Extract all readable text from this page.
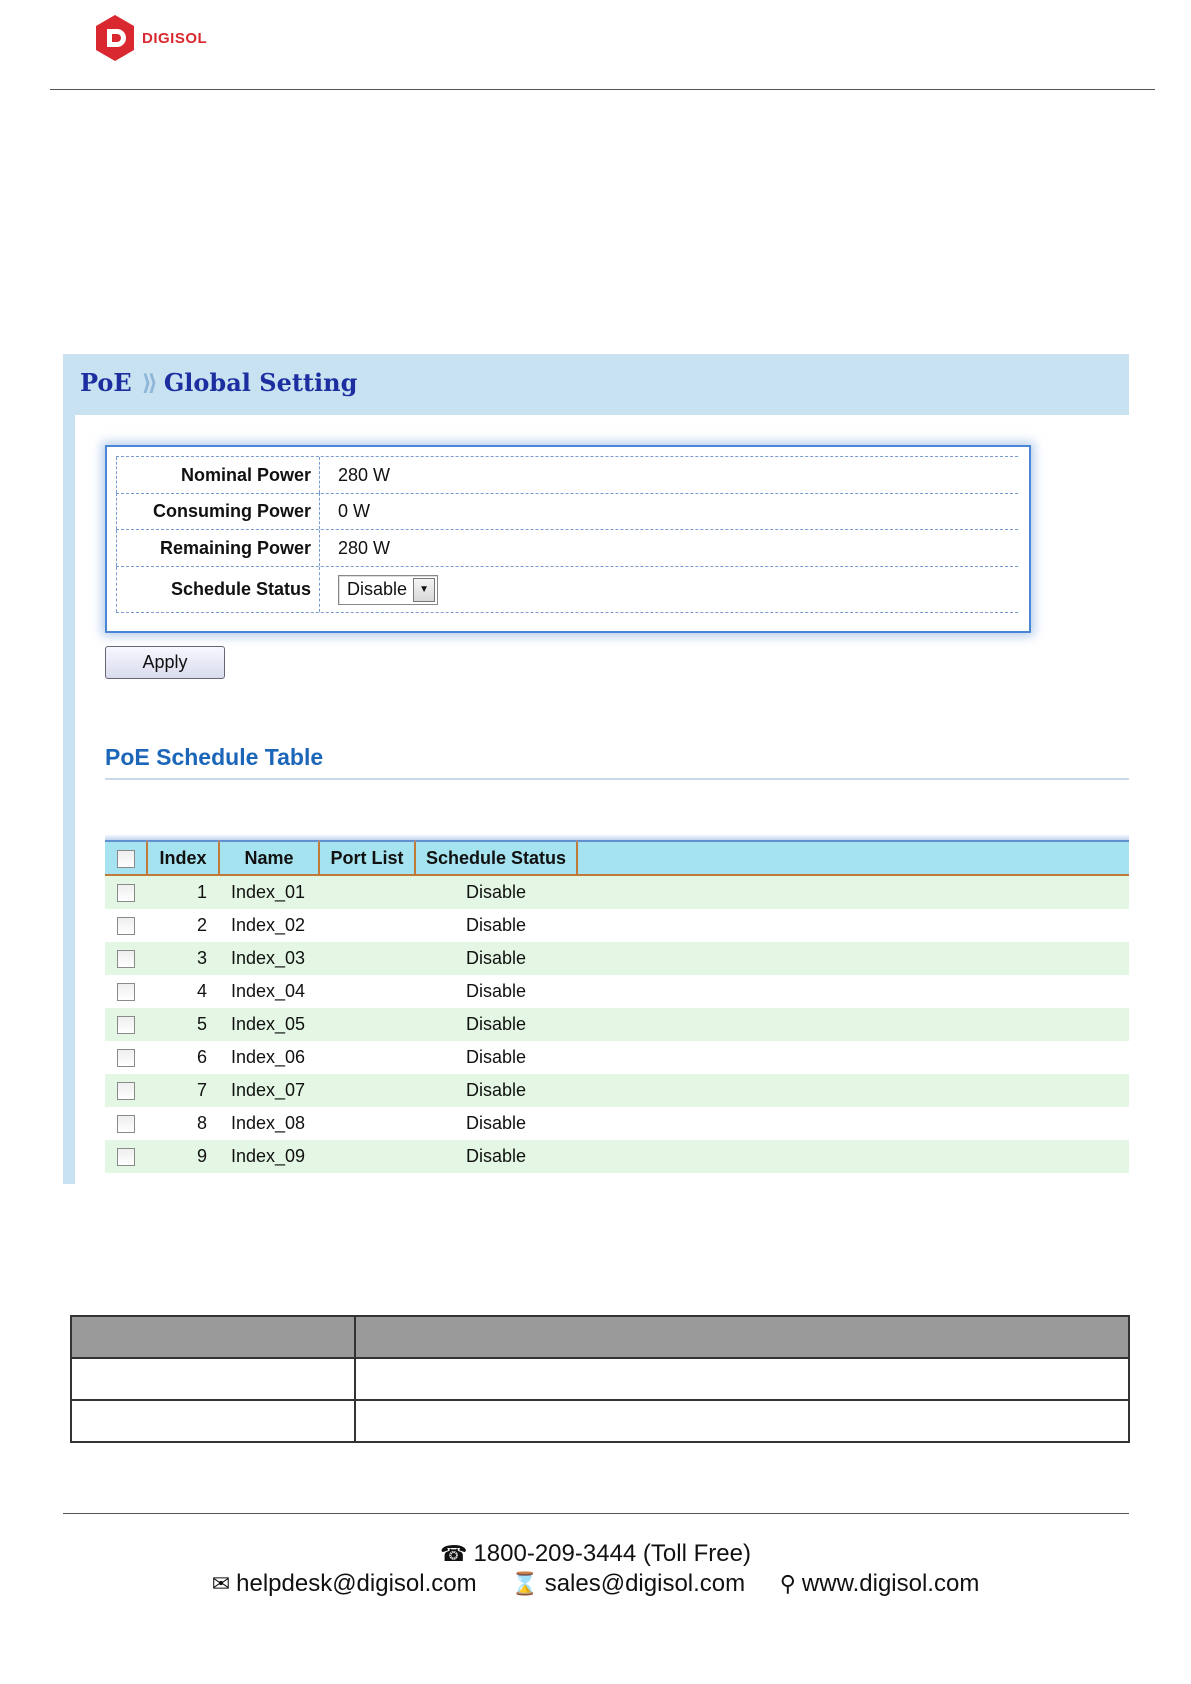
DIGISOL
PoE ⟩⟩ Global Setting
Nominal Power	280 W
Consuming Power	0 W
Remaining Power	280 W
Schedule Status	Disable	▼
Apply
PoE Schedule Table
	Index	Name	Port List	Schedule Status	
	1	Index_01		Disable	
	2	Index_02		Disable	
	3	Index_03		Disable	
	4	Index_04		Disable	
	5	Index_05		Disable	
	6	Index_06		Disable	
	7	Index_07		Disable	
	8	Index_08		Disable	
	9	Index_09		Disable	

☎ 1800-209-3444 (Toll Free)
✉ helpdesk@digisol.com ⌛ sales@digisol.com ⚲ www.digisol.com
